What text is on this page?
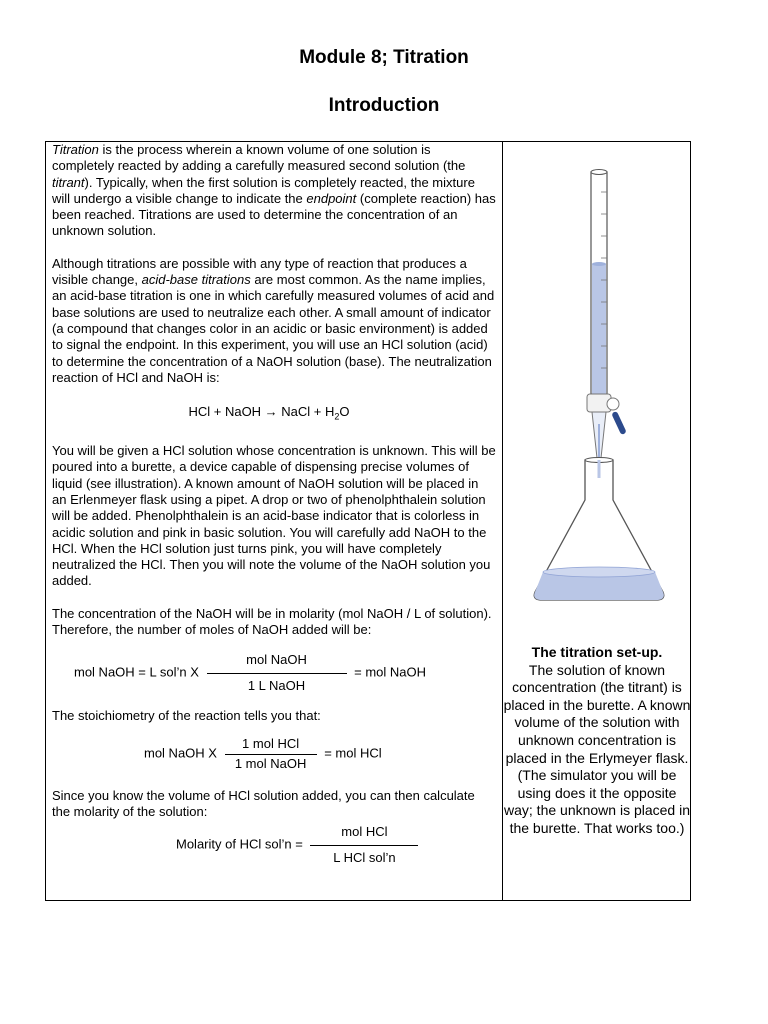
Module 8; Titration
Introduction

Titration is the process wherein a known volume of one solution is completely reacted by adding a carefully measured second solution (the titrant). Typically, when the first solution is completely reacted, the mixture will undergo a visible change to indicate the endpoint (complete reaction) has been reached. Titrations are used to determine the concentration of an unknown solution.

Although titrations are possible with any type of reaction that produces a visible change, acid-base titrations are most common. As the name implies, an acid-base titration is one in which carefully measured volumes of acid and base solutions are used to neutralize each other. A small amount of indicator (a compound that changes color in an acidic or basic environment) is added to signal the endpoint. In this experiment, you will use an HCl solution (acid) to determine the concentration of a NaOH solution (base). The neutralization reaction of HCl and NaOH is:

HCl + NaOH → NaCl + $H_2O$

You will be given a HCl solution whose concentration is unknown. This will be poured into a burette, a device capable of dispensing precise volumes of liquid (see illustration). A known amount of NaOH solution will be placed in an Erlenmeyer flask using a pipet. A drop or two of phenolphthalein solution will be added. Phenolphthalein is an acid-base indicator that is colorless in acidic solution and pink in basic solution. You will carefully add NaOH to the HCl. When the HCl solution just turns pink, you will have completely neutralized the HCl. Then you will note the volume of the NaOH solution you added.

The concentration of the NaOH will be in molarity (mol NaOH / L of solution). Therefore, the number of moles of NaOH added will be:

mol NaOH = L sol’n X $\frac{\text{mol NaOH}}{\text{1 L NaOH}}$ = mol NaOH

The stoichiometry of the reaction tells you that:

mol NaOH X $\frac{\text{1 mol HCl}}{\text{1 mol NaOH}}$ = mol HCl

Since you know the volume of HCl solution added, you can then calculate the molarity of the solution:

Molarity of HCl sol’n = $\frac{\text{mol HCl}}{\text{L HCl sol’n}}$
The titration set-up.
The solution of known concentration (the titrant) is placed in the burette. A known volume of the solution with unknown concentration is placed in the Erlymeyer flask. (The simulator you will be using does it the opposite way; the unknown is placed in the burette. That works too.)
